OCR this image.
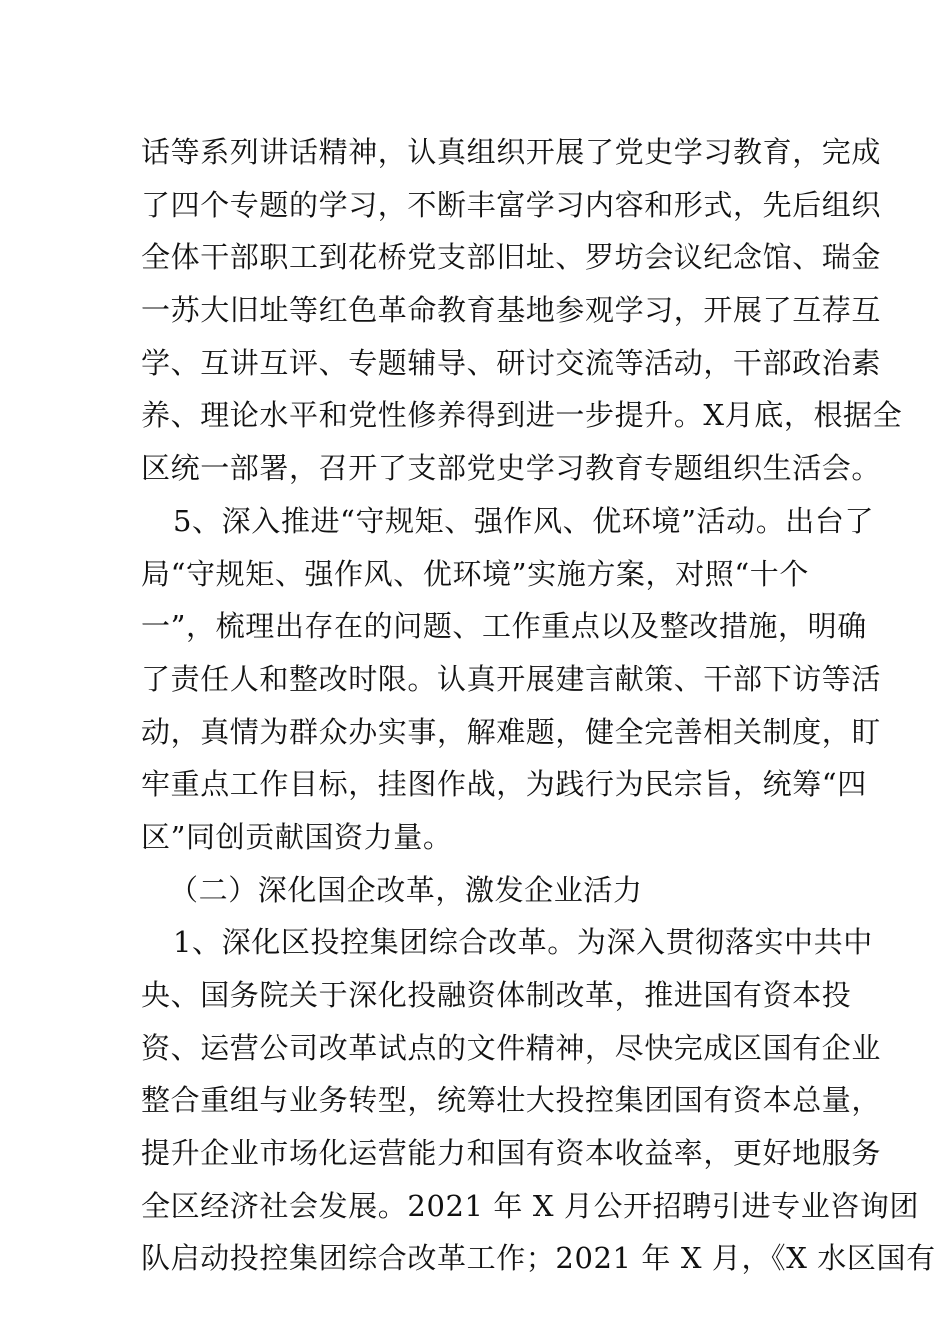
话等系列讲话精神，认真组织开展了党史学习教育，完成
了四个专题的学习，不断丰富学习内容和形式，先后组织
全体干部职工到花桥党支部旧址、罗坊会议纪念馆、瑞金
一苏大旧址等红色革命教育基地参观学习，开展了互荐互
学、互讲互评、专题辅导、研讨交流等活动，干部政治素
养、理论水平和党性修养得到进一步提升。X月底，根据全
区统一部署，召开了支部党史学习教育专题组织生活会。
5、深入推进“守规矩、强作风、优环境”活动。出台了
局“守规矩、强作风、优环境”实施方案，对照“十个
一”，梳理出存在的问题、工作重点以及整改措施，明确
了责任人和整改时限。认真开展建言献策、干部下访等活
动，真情为群众办实事，解难题，健全完善相关制度，盯
牢重点工作目标，挂图作战，为践行为民宗旨，统筹“四
区”同创贡献国资力量。
（二）深化国企改革，激发企业活力
1、深化区投控集团综合改革。为深入贯彻落实中共中
央、国务院关于深化投融资体制改革，推进国有资本投
资、运营公司改革试点的文件精神，尽快完成区国有企业
整合重组与业务转型，统筹壮大投控集团国有资本总量，
提升企业市场化运营能力和国有资本收益率，更好地服务
全区经济社会发展。2021 年 X 月公开招聘引进专业咨询团
队启动投控集团综合改革工作；2021 年 X 月，《X 水区国有
